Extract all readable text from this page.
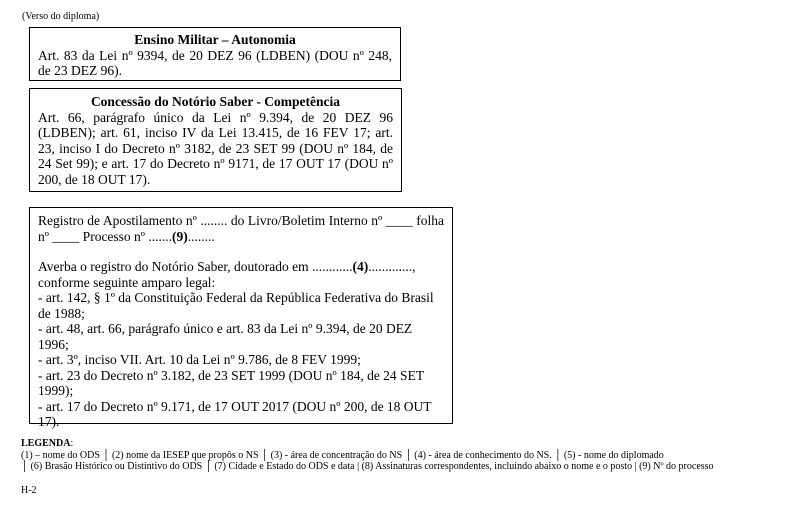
(Verso do diploma)
Ensino Militar – Autonomia
Art. 83 da Lei nº 9394, de 20 DEZ 96 (LDBEN) (DOU nº 248, de 23 DEZ 96).
Concessão do Notório Saber - Competência
Art. 66, parágrafo único da Lei nº 9.394, de 20 DEZ 96 (LDBEN); art. 61, inciso IV da Lei 13.415, de 16 FEV 17; art. 23, inciso I do Decreto nº 3182, de 23 SET 99 (DOU nº 184, de 24 Set 99); e art. 17 do Decreto nº 9171, de 17 OUT 17 (DOU nº 200, de 18 OUT 17).
Registro de Apostilamento nº ........ do Livro/Boletim Interno nº ____ folha nº ____ Processo nº .......(9)........
Averba o registro do Notório Saber, doutorado em ............(4).............,
conforme seguinte amparo legal:
- art. 142, § 1º da Constituição Federal da República Federativa do Brasil de 1988;
- art. 48, art. 66, parágrafo único e art. 83 da Lei nº 9.394, de 20 DEZ 1996;
- art. 3º, inciso VII. Art. 10 da Lei nº 9.786, de 8 FEV 1999;
- art. 23 do Decreto nº 3.182, de 23 SET 1999 (DOU nº 184, de 24 SET 1999);
- art. 17 do Decreto nº 9.171, de 17 OUT 2017 (DOU nº 200, de 18 OUT 17).
LEGENDA:
(1) – nome do ODS │ (2) nome da IESEP que propôs o NS │ (3) - área de concentração do NS │ (4) - área de conhecimento do NS. │ (5) - nome do diplomado
│ (6) Brasão Histórico ou Distintivo do ODS │ (7) Cidade e Estado do ODS e data | (8) Assinaturas correspondentes, incluindo abaixo o nome e o posto | (9) Nº do processo
H-2
